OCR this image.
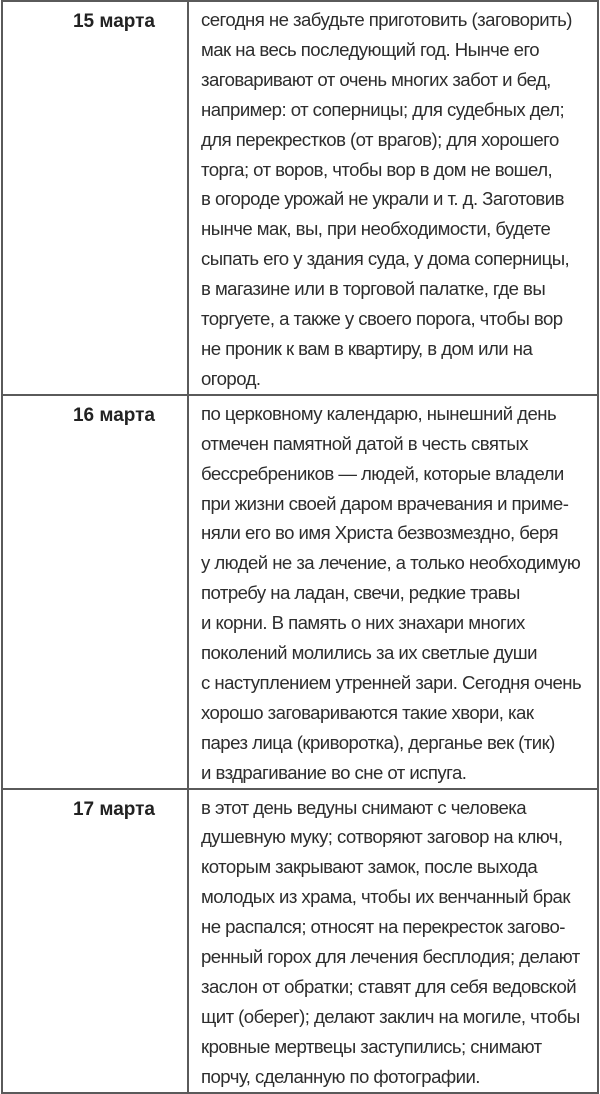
15 марта	сегодня не забудьте приготовить (заговорить)
мак на весь последующий год. Нынче его
заговаривают от очень многих забот и бед,
например: от соперницы; для судебных дел;
для перекрестков (от врагов); для хорошего
торга; от воров, чтобы вор в дом не вошел,
в огороде урожай не украли и т. д. Заготовив
нынче мак, вы, при необходимости, будете
сыпать его у здания суда, у дома соперницы,
в магазине или в торговой палатке, где вы
торгуете, а также у своего порога, чтобы вор
не проник к вам в квартиру, в дом или на
огород.

16 марта	по церковному календарю, нынешний день
отмечен памятной датой в честь святых
бессребреников — людей, которые владели
при жизни своей даром врачевания и приме-
няли его во имя Христа безвозмездно, беря
у людей не за лечение, а только необходимую
потребу на ладан, свечи, редкие травы
и корни. В память о них знахари многих
поколений молились за их светлые души
с наступлением утренней зари. Сегодня очень
хорошо заговариваются такие хвори, как
парез лица (криворотка), дерганье век (тик)
и вздрагивание во сне от испуга.

17 марта	в этот день ведуны снимают с человека
душевную муку; сотворяют заговор на ключ,
которым закрывают замок, после выхода
молодых из храма, чтобы их венчанный брак
не распался; относят на перекресток загово-
ренный горох для лечения бесплодия; делают
заслон от обратки; ставят для себя ведовской
щит (оберег); делают заклич на могиле, чтобы
кровные мертвецы заступились; снимают
порчу, сделанную по фотографии.
